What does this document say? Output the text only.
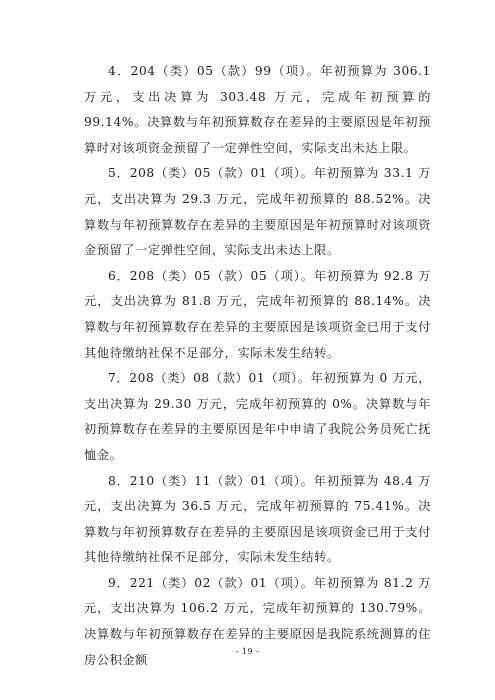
4．204（类）05（款）99（项）。年初预算为 306.1 万元，支出决算为 303.48 万元，完成年初预算的 99.14%。决算数与年初预算数存在差异的主要原因是年初预算时对该项资金预留了一定弹性空间，实际支出未达上限。

5．208（类）05（款）01（项）。年初预算为 33.1 万元，支出决算为 29.3 万元，完成年初预算的 88.52%。决算数与年初预算数存在差异的主要原因是年初预算时对该项资金预留了一定弹性空间，实际支出未达上限。

6．208（类）05（款）05（项）。年初预算为 92.8 万元，支出决算为 81.8 万元，完成年初预算的 88.14%。决算数与年初预算数存在差异的主要原因是该项资金已用于支付其他待缴纳社保不足部分，实际未发生结转。

7．208（类）08（款）01（项）。年初预算为 0 万元，支出决算为 29.30 万元，完成年初预算的 0%。决算数与年初预算数存在差异的主要原因是年中申请了我院公务员死亡抚恤金。

8．210（类）11（款）01（项）。年初预算为 48.4 万元，支出决算为 36.5 万元，完成年初预算的 75.41%。决算数与年初预算数存在差异的主要原因是该项资金已用于支付其他待缴纳社保不足部分，实际未发生结转。

9．221（类）02（款）01（项）。年初预算为 81.2 万元，支出决算为 106.2 万元，完成年初预算的 130.79%。决算数与年初预算数存在差异的主要原因是我院系统测算的住房公积金额

- 19 -
